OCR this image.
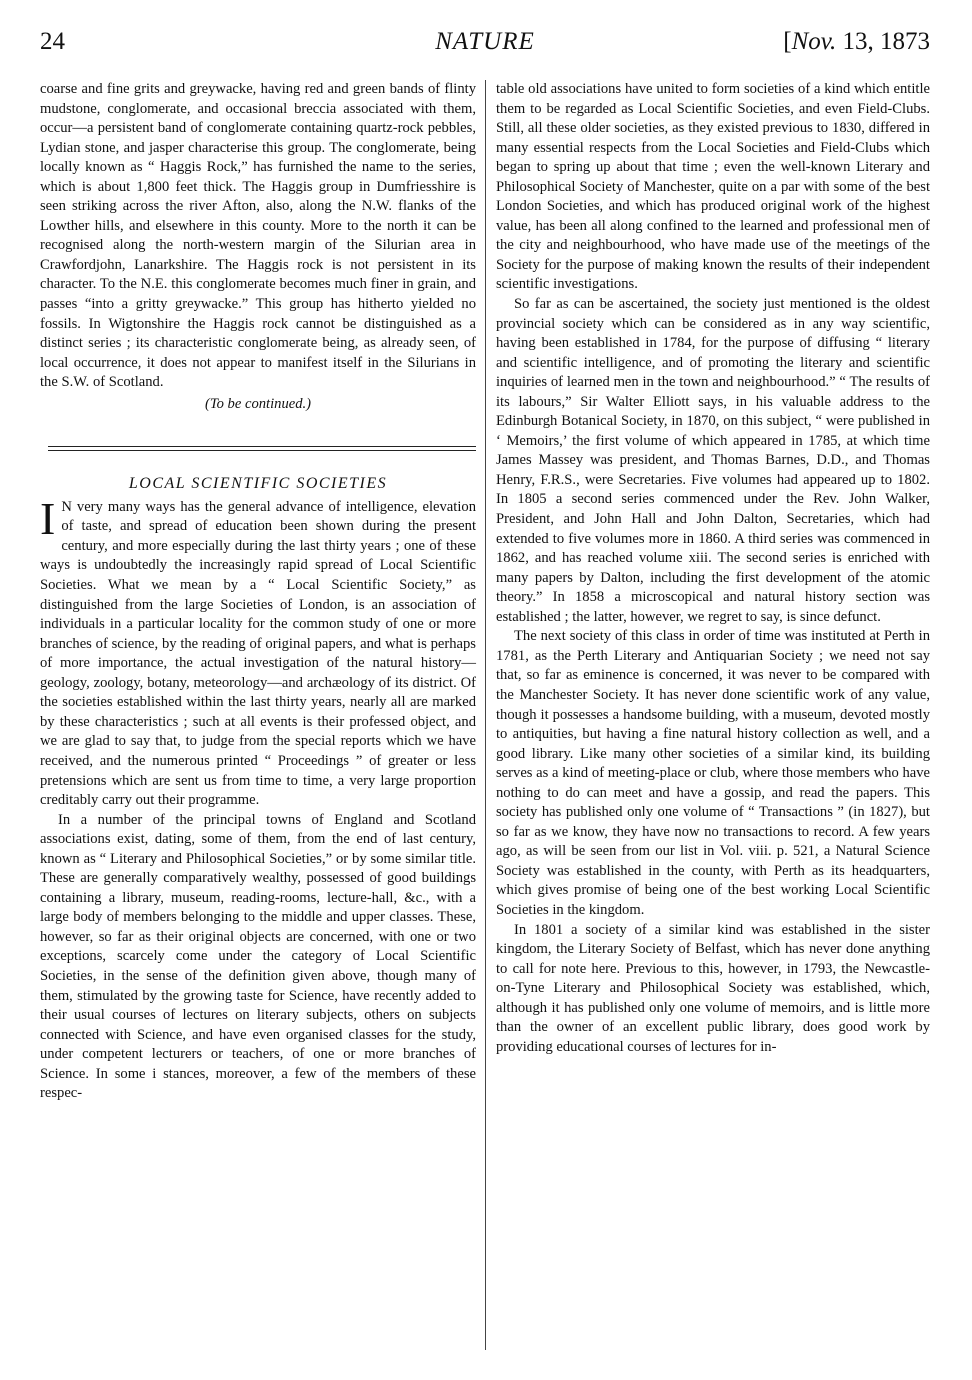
24	NATURE	[Nov. 13, 1873

coarse and fine grits and greywacke, having red and green bands of flinty mudstone, conglomerate, and occasional breccia associated with them, occur—a persistent band of conglomerate containing quartz-rock pebbles, Lydian stone, and jasper characterise this group. The conglomerate, being locally known as “ Haggis Rock,” has furnished the name to the series, which is about 1,800 feet thick. The Haggis group in Dumfriesshire is seen striking across the river Afton, also, along the N.W. flanks of the Lowther hills, and elsewhere in this county. More to the north it can be recognised along the north-western margin of the Silurian area in Crawfordjohn, Lanarkshire. The Haggis rock is not persistent in its character. To the N.E. this conglomerate becomes much finer in grain, and passes “into a gritty greywacke.” This group has hitherto yielded no fossils. In Wigtonshire the Haggis rock cannot be distinguished as a distinct series ; its characteristic conglomerate being, as already seen, of local occurrence, it does not appear to manifest itself in the Silurians in the S.W. of Scotland.

(To be continued.)

LOCAL SCIENTIFIC SOCIETIES

I N very many ways has the general advance of intelligence, elevation of taste, and spread of education been shown during the present century, and more especially during the last thirty years ; one of these ways is undoubtedly the increasingly rapid spread of Local Scientific Societies. What we mean by a “ Local Scientific Society,” as distinguished from the large Societies of London, is an association of individuals in a particular locality for the common study of one or more branches of science, by the reading of original papers, and what is perhaps of more importance, the actual investigation of the natural history—geology, zoology, botany, meteorology—and archæology of its district. Of the societies established within the last thirty years, nearly all are marked by these characteristics ; such at all events is their professed object, and we are glad to say that, to judge from the special reports which we have received, and the numerous printed “ Proceedings ” of greater or less pretensions which are sent us from time to time, a very large proportion creditably carry out their programme.

In a number of the principal towns of England and Scotland associations exist, dating, some of them, from the end of last century, known as “ Literary and Philosophical Societies,” or by some similar title. These are generally comparatively wealthy, possessed of good buildings containing a library, museum, reading-rooms, lecture-hall, &c., with a large body of members belonging to the middle and upper classes. These, however, so far as their original objects are concerned, with one or two exceptions, scarcely come under the category of Local Scientific Societies, in the sense of the definition given above, though many of them, stimulated by the growing taste for Science, have recently added to their usual courses of lectures on literary subjects, others on subjects connected with Science, and have even organised classes for the study, under competent lecturers or teachers, of one or more branches of Science. In some i stances, moreover, a few of the members of these respec-

table old associations have united to form societies of a kind which entitle them to be regarded as Local Scientific Societies, and even Field-Clubs. Still, all these older societies, as they existed previous to 1830, differed in many essential respects from the Local Societies and Field-Clubs which began to spring up about that time ; even the well-known Literary and Philosophical Society of Manchester, quite on a par with some of the best London Societies, and which has produced original work of the highest value, has been all along confined to the learned and professional men of the city and neighbourhood, who have made use of the meetings of the Society for the purpose of making known the results of their independent scientific investigations.

So far as can be ascertained, the society just mentioned is the oldest provincial society which can be considered as in any way scientific, having been established in 1784, for the purpose of diffusing “ literary and scientific intelligence, and of promoting the literary and scientific inquiries of learned men in the town and neighbourhood.” “ The results of its labours,” Sir Walter Elliott says, in his valuable address to the Edinburgh Botanical Society, in 1870, on this subject, “ were published in ‘ Memoirs,’ the first volume of which appeared in 1785, at which time James Massey was president, and Thomas Barnes, D.D., and Thomas Henry, F.R.S., were Secretaries. Five volumes had appeared up to 1802. In 1805 a second series commenced under the Rev. John Walker, President, and John Hall and John Dalton, Secretaries, which had extended to five volumes more in 1860. A third series was commenced in 1862, and has reached volume xiii. The second series is enriched with many papers by Dalton, including the first development of the atomic theory.” In 1858 a microscopical and natural history section was established ; the latter, however, we regret to say, is since defunct.

The next society of this class in order of time was instituted at Perth in 1781, as the Perth Literary and Antiquarian Society ; we need not say that, so far as eminence is concerned, it was never to be compared with the Manchester Society. It has never done scientific work of any value, though it possesses a handsome building, with a museum, devoted mostly to antiquities, but having a fine natural history collection as well, and a good library. Like many other societies of a similar kind, its building serves as a kind of meeting-place or club, where those members who have nothing to do can meet and have a gossip, and read the papers. This society has published only one volume of “ Transactions ” (in 1827), but so far as we know, they have now no transactions to record. A few years ago, as will be seen from our list in Vol. viii. p. 521, a Natural Science Society was established in the county, with Perth as its headquarters, which gives promise of being one of the best working Local Scientific Societies in the kingdom.

In 1801 a society of a similar kind was established in the sister kingdom, the Literary Society of Belfast, which has never done anything to call for note here. Previous to this, however, in 1793, the Newcastle-on-Tyne Literary and Philosophical Society was established, which, although it has published only one volume of memoirs, and is little more than the owner of an excellent public library, does good work by providing educational courses of lectures for in-
